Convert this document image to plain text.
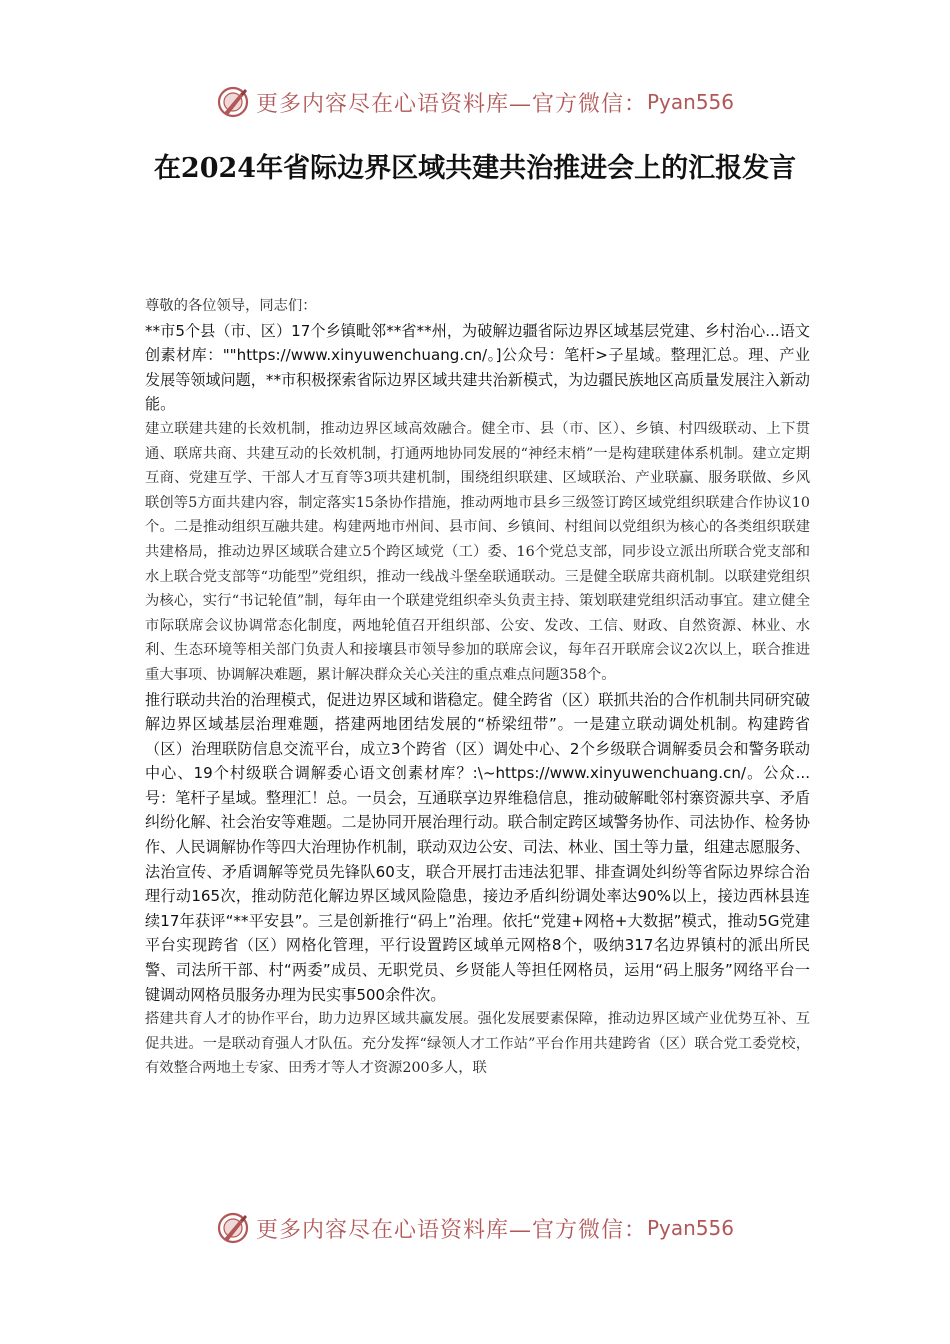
更多内容尽在心语资料库—官方微信： Pyan556
在2024年省际边界区域共建共治推进会上的汇报发言

尊敬的各位领导，同志们：

**市5个县（市、区）17个乡镇毗邻**省**州，为破解边疆省际边界区域基层党建、乡村治心...语文创素材库：""https://www.xinyuwenchuang.cn/。]公众号：笔杆>子星域。整理汇总。理、产业发展等领域问题，**市积极探索省际边界区域共建共治新模式，为边疆民族地区高质量发展注入新动能。

建立联建共建的长效机制，推动边界区域高效融合。健全市、县（市、区）、乡镇、村四级联动、上下贯通、联席共商、共建互动的长效机制，打通两地协同发展的“神经末梢”一是构建联建体系机制。建立定期互商、党建互学、干部人才互育等3项共建机制，围绕组织联建、区域联治、产业联赢、服务联做、乡风联创等5方面共建内容，制定落实15条协作措施，推动两地市县乡三级签订跨区域党组织联建合作协议10个。二是推动组织互融共建。构建两地市州间、县市间、乡镇间、村组间以党组织为核心的各类组织联建共建格局，推动边界区域联合建立5个跨区域党（工）委、16个党总支部，同步设立派出所联合党支部和水上联合党支部等“功能型”党组织，推动一线战斗堡垒联通联动。三是健全联席共商机制。以联建党组织为核心，实行“书记轮值”制，每年由一个联建党组织牵头负责主持、策划联建党组织活动事宜。建立健全市际联席会议协调常态化制度，两地轮值召开组织部、公安、发改、工信、财政、自然资源、林业、水利、生态环境等相关部门负责人和接壤县市领导参加的联席会议，每年召开联席会议2次以上，联合推进重大事项、协调解决难题，累计解决群众关心关注的重点难点问题358个。

推行联动共治的治理模式，促进边界区域和谐稳定。健全跨省（区）联抓共治的合作机制共同研究破解边界区域基层治理难题，搭建两地团结发展的“桥梁纽带”。一是建立联动调处机制。构建跨省（区）治理联防信息交流平台，成立3个跨省（区）调处中心、2个乡级联合调解委员会和警务联动中心、19个村级联合调解委心语文创素材库？:\~https://www.xinyuwenchuang.cn/。公众...号：笔杆子星域。整理汇！总。一员会，互通联享边界维稳信息，推动破解毗邻村寨资源共享、矛盾纠纷化解、社会治安等难题。二是协同开展治理行动。联合制定跨区域警务协作、司法协作、检务协作、人民调解协作等四大治理协作机制，联动双边公安、司法、林业、国土等力量，组建志愿服务、法治宣传、矛盾调解等党员先锋队60支，联合开展打击违法犯罪、排查调处纠纷等省际边界综合治理行动165次，推动防范化解边界区域风险隐患，接边矛盾纠纷调处率达90%以上，接边西林县连续17年获评“**平安县”。三是创新推行“码上”治理。依托“党建+网格+大数据”模式，推动5G党建平台实现跨省（区）网格化管理，平行设置跨区域单元网格8个，吸纳317名边界镇村的派出所民警、司法所干部、村“两委”成员、无职党员、乡贤能人等担任网格员，运用“码上服务”网络平台一键调动网格员服务办理为民实事500余件次。

搭建共育人才的协作平台，助力边界区域共赢发展。强化发展要素保障，推动边界区域产业优势互补、互促共进。一是联动育强人才队伍。充分发挥“绿领人才工作站”平台作用共建跨省（区）联合党工委党校，有效整合两地土专家、田秀才等人才资源200多人，联

更多内容尽在心语资料库—官方微信： Pyan556
